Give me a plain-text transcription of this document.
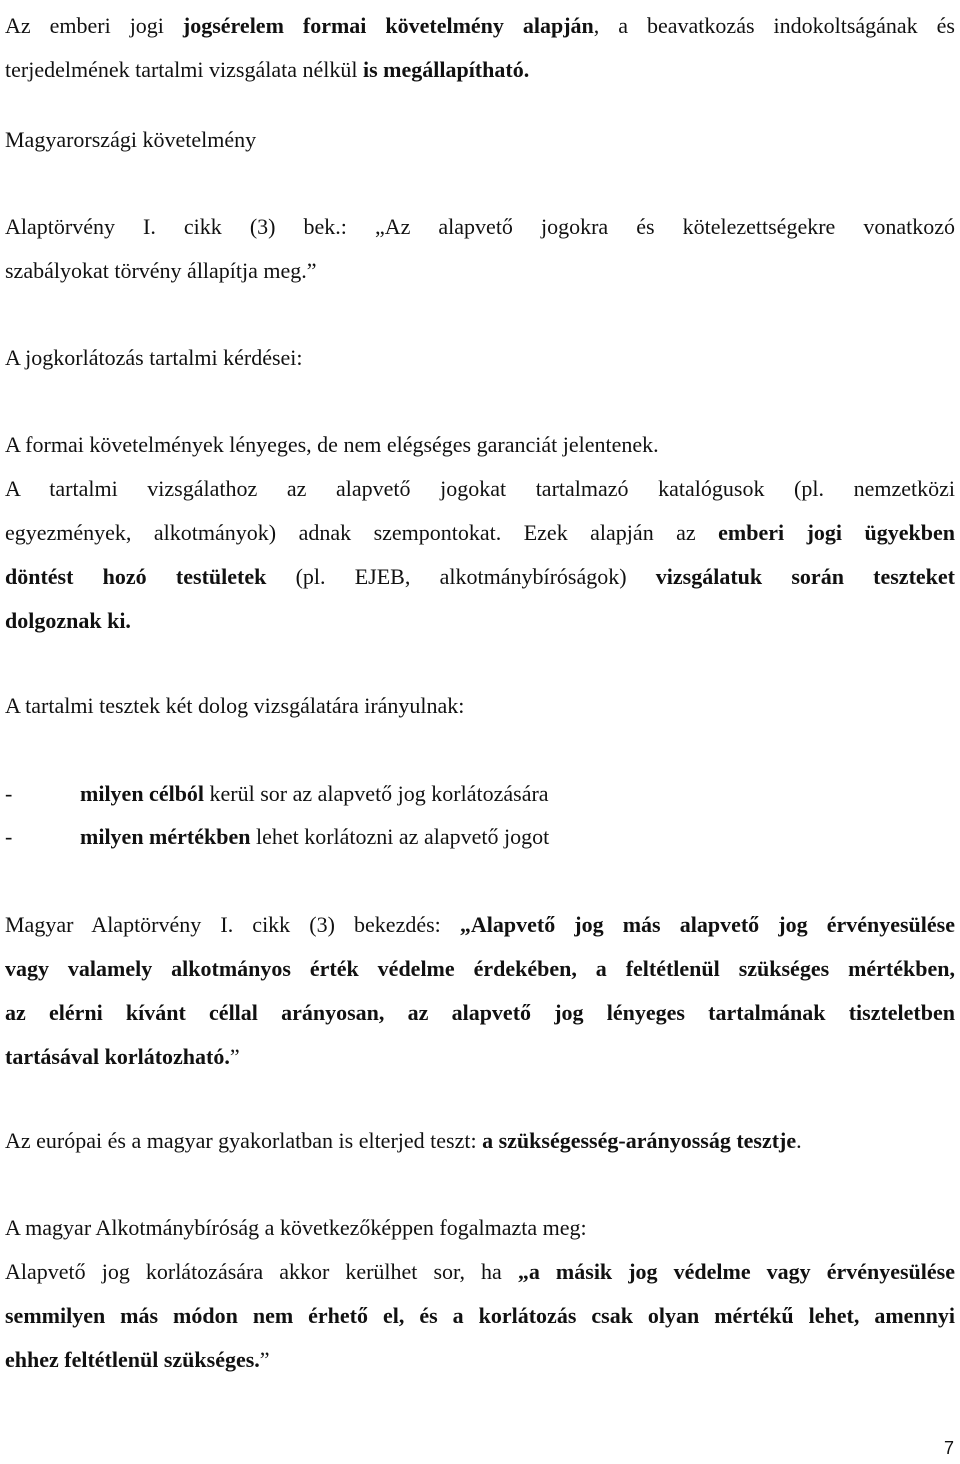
Az emberi jogi jogsérelem formai követelmény alapján, a beavatkozás indokoltságának és
terjedelmének tartalmi vizsgálata nélkül is megállapítható.
Magyarországi követelmény
Alaptörvény I. cikk (3) bek.: „Az alapvető jogokra és kötelezettségekre vonatkozó
szabályokat törvény állapítja meg.”
A jogkorlátozás tartalmi kérdései:
A formai követelmények lényeges, de nem elégséges garanciát jelentenek.
A tartalmi vizsgálathoz az alapvető jogokat tartalmazó katalógusok (pl. nemzetközi
egyezmények, alkotmányok) adnak szempontokat. Ezek alapján az emberi jogi ügyekben
döntést hozó testületek (pl. EJEB, alkotmánybíróságok) vizsgálatuk során teszteket
dolgoznak ki.
A tartalmi tesztek két dolog vizsgálatára irányulnak:
-	milyen célból kerül sor az alapvető jog korlátozására
-	milyen mértékben lehet korlátozni az alapvető jogot
Magyar Alaptörvény I. cikk (3) bekezdés: „Alapvető jog más alapvető jog érvényesülése
vagy valamely alkotmányos érték védelme érdekében, a feltétlenül szükséges mértékben,
az elérni kívánt céllal arányosan, az alapvető jog lényeges tartalmának tiszteletben
tartásával korlátozható.”
Az európai és a magyar gyakorlatban is elterjed teszt: a szükségesség-arányosság tesztje.
A magyar Alkotmánybíróság a következőképpen fogalmazta meg:
Alapvető jog korlátozására akkor kerülhet sor, ha „a másik jog védelme vagy érvényesülése
semmilyen más módon nem érhető el, és a korlátozás csak olyan mértékű lehet, amennyi
ehhez feltétlenül szükséges.”
7
